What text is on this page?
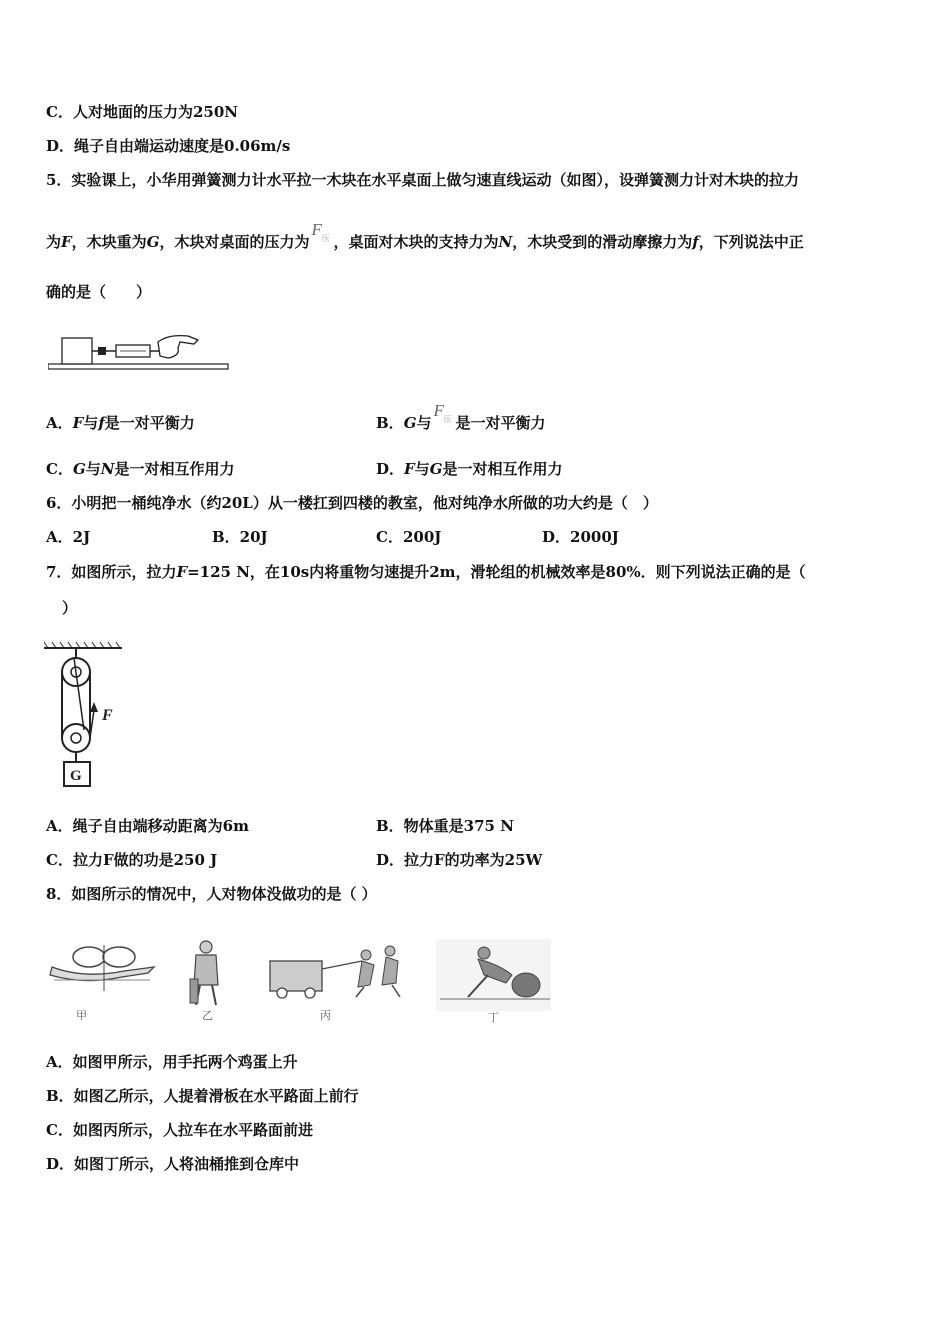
C．人对地面的压力为250N
D．绳子自由端运动速度是0.06m/s
5．实验课上，小华用弹簧测力计水平拉一木块在水平桌面上做匀速直线运动（如图），设弹簧测力计对木块的拉力
为F，木块重为G，木块对桌面的压力为
F 压 ，桌面对木块的支持力为N，木块受到的滑动摩擦力为f，下列说法中正
确的是（　　）
A．F与f是一对平衡力	B．G与
F 压 是一对平衡力
C．G与N是一对相互作用力	D．F与G是一对相互作用力
6．小明把一桶纯净水（约20L）从一楼扛到四楼的教室，他对纯净水所做的功大约是（　）
A．2J	B．20J	C．200J	D．2000J
7．如图所示，拉力F=125 N，在10s内将重物匀速提升2m，滑轮组的机械效率是80%．则下列说法正确的是（
）
F
G
A．绳子自由端移动距离为6m	B．物体重是375 N
C．拉力F做的功是250 J	D．拉力F的功率为25W
8．如图所示的情况中，人对物体没做功的是（ ）
甲	乙	丙	丁
A．如图甲所示，用手托两个鸡蛋上升
B．如图乙所示，人提着滑板在水平路面上前行
C．如图丙所示，人拉车在水平路面前进
D．如图丁所示，人将油桶推到仓库中
